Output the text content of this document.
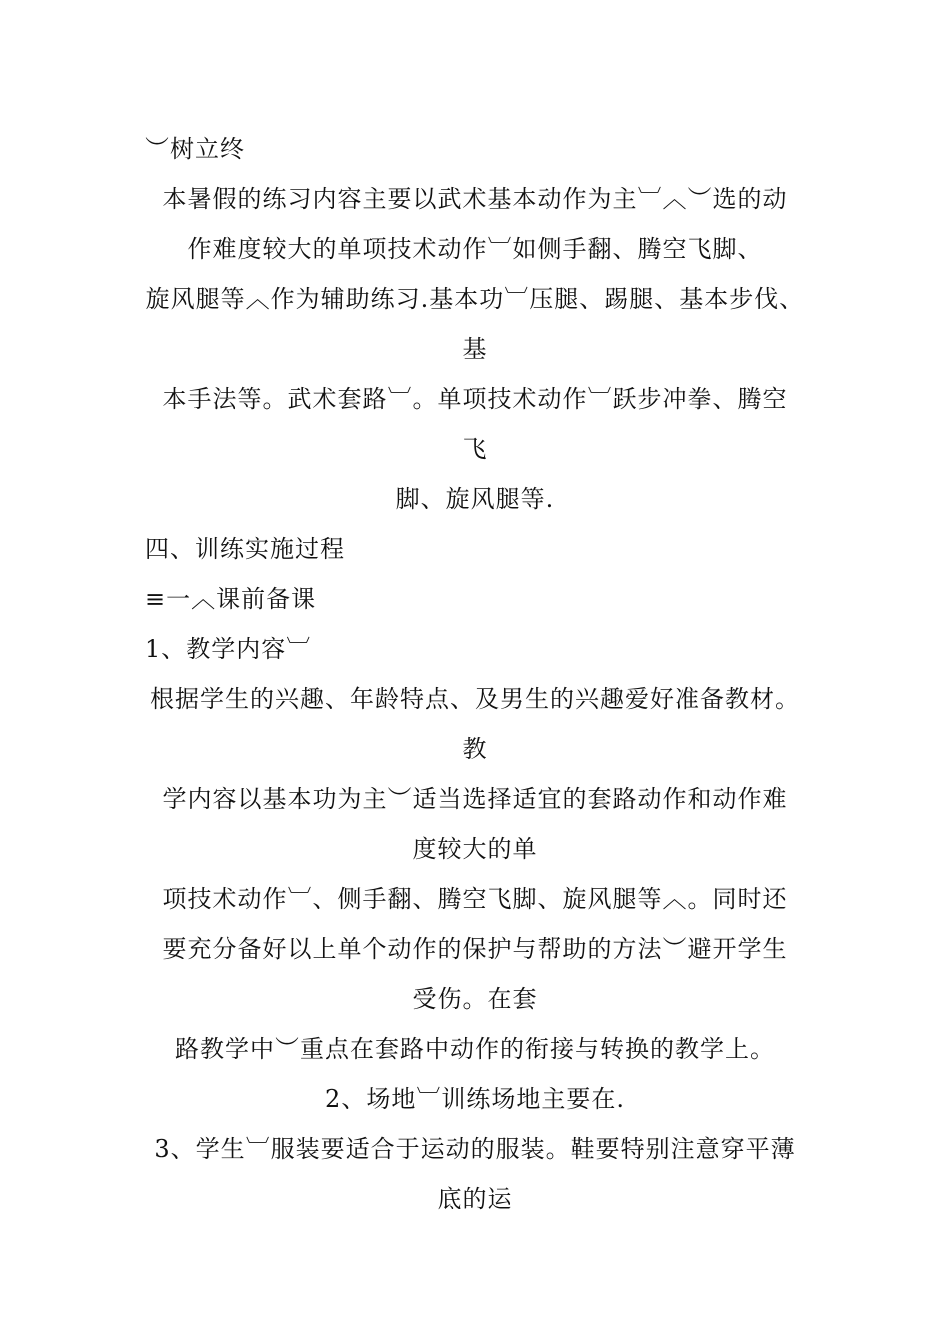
︶树立终
本暑假的练习内容主要以武术基本动作为主︺︿︶选的动
作难度较大的单项技术动作︺如侧手翻、腾空飞脚、
旋风腿等︿作为辅助练习.基本功︺压腿、踢腿、基本步伐、
基
本手法等。武术套路︺。单项技术动作︺跃步冲拳、腾空
飞
脚、旋风腿等.
四、训练实施过程
≡一︿课前备课
1、教学内容︺
根据学生的兴趣、年龄特点、及男生的兴趣爱好准备教材。
教
学内容以基本功为主︶适当选择适宜的套路动作和动作难
度较大的单
项技术动作︺、侧手翻、腾空飞脚、旋风腿等︿。同时还
要充分备好以上单个动作的保护与帮助的方法︶避开学生
受伤。在套
路教学中︶重点在套路中动作的衔接与转换的教学上。
2、场地︺训练场地主要在.
3、学生︺服装要适合于运动的服装。鞋要特别注意穿平薄
底的运
